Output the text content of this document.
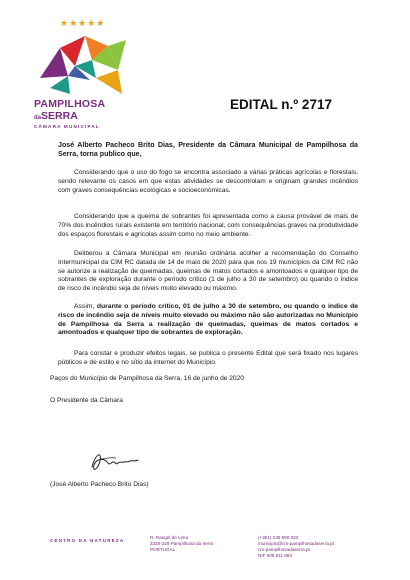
★★★★★
PAMPILHOSA
daSERRA
CÂMARA MUNICIPAL
EDITAL n.º 2717

José Alberto Pacheco Brito Dias, Presidente da Câmara Municipal de Pampilhosa da Serra, torna publico que,

Considerando que o uso do fogo se encontra associado a várias práticas agrícolas e florestais, sendo relevante os casos em que estas atividades se descontrolam e originam grandes incêndios com graves consequências ecológicas e socioeconómicas.

Considerando que a queima de sobrantes foi apresentada como a causa provável de mais de 70% dos incêndios rurais existente em território nacional, com consequências graves na produtividade dos espaços florestais e agrícolas assim como no meio ambiente.

Deliberou a Câmara Municipal em reunião ordinária acolher a recomendação do Conselho Intermunicipal da CIM RC datada de 14 de maio de 2020 para que nos 19 municípios da CIM RC não se autorize a realização de queimadas, queimas de matos cortados e amontoados e qualquer tipo de sobrantes de exploração durante o período crítico (1 de julho a 30 de setembro) ou quando o índice de risco de incêndio seja de níveis muito elevado ou máximo.

Assim, durante o período crítico, 01 de julho a 30 de setembro, ou quando o índice de risco de incêndio seja de níveis muito elevado ou máximo não são autorizadas no Município de Pampilhosa da Serra a realização de queimadas, queimas de matos cortados e amontoados e qualquer tipo de sobrantes de exploração.

Para constar e produzir efeitos legais, se publica o presente Edital que será fixado nos lugares públicos e de estilo e no sítio da internet do Município.

Paços do Município de Pampilhosa da Serra, 16 de junho de 2020

O Presidente da Câmara

(José Alberto Pacheco Brito Dias)

CENTRO DA NATUREZA
R. Rangel de Lima
3320-229 Pampilhosa da Serra
PORTUGAL
(+351) 235 590 320
municipio@cm-pampilhosadaserra.pt
cm-pampilhosadaserra.pt
NIF 506 811 883
